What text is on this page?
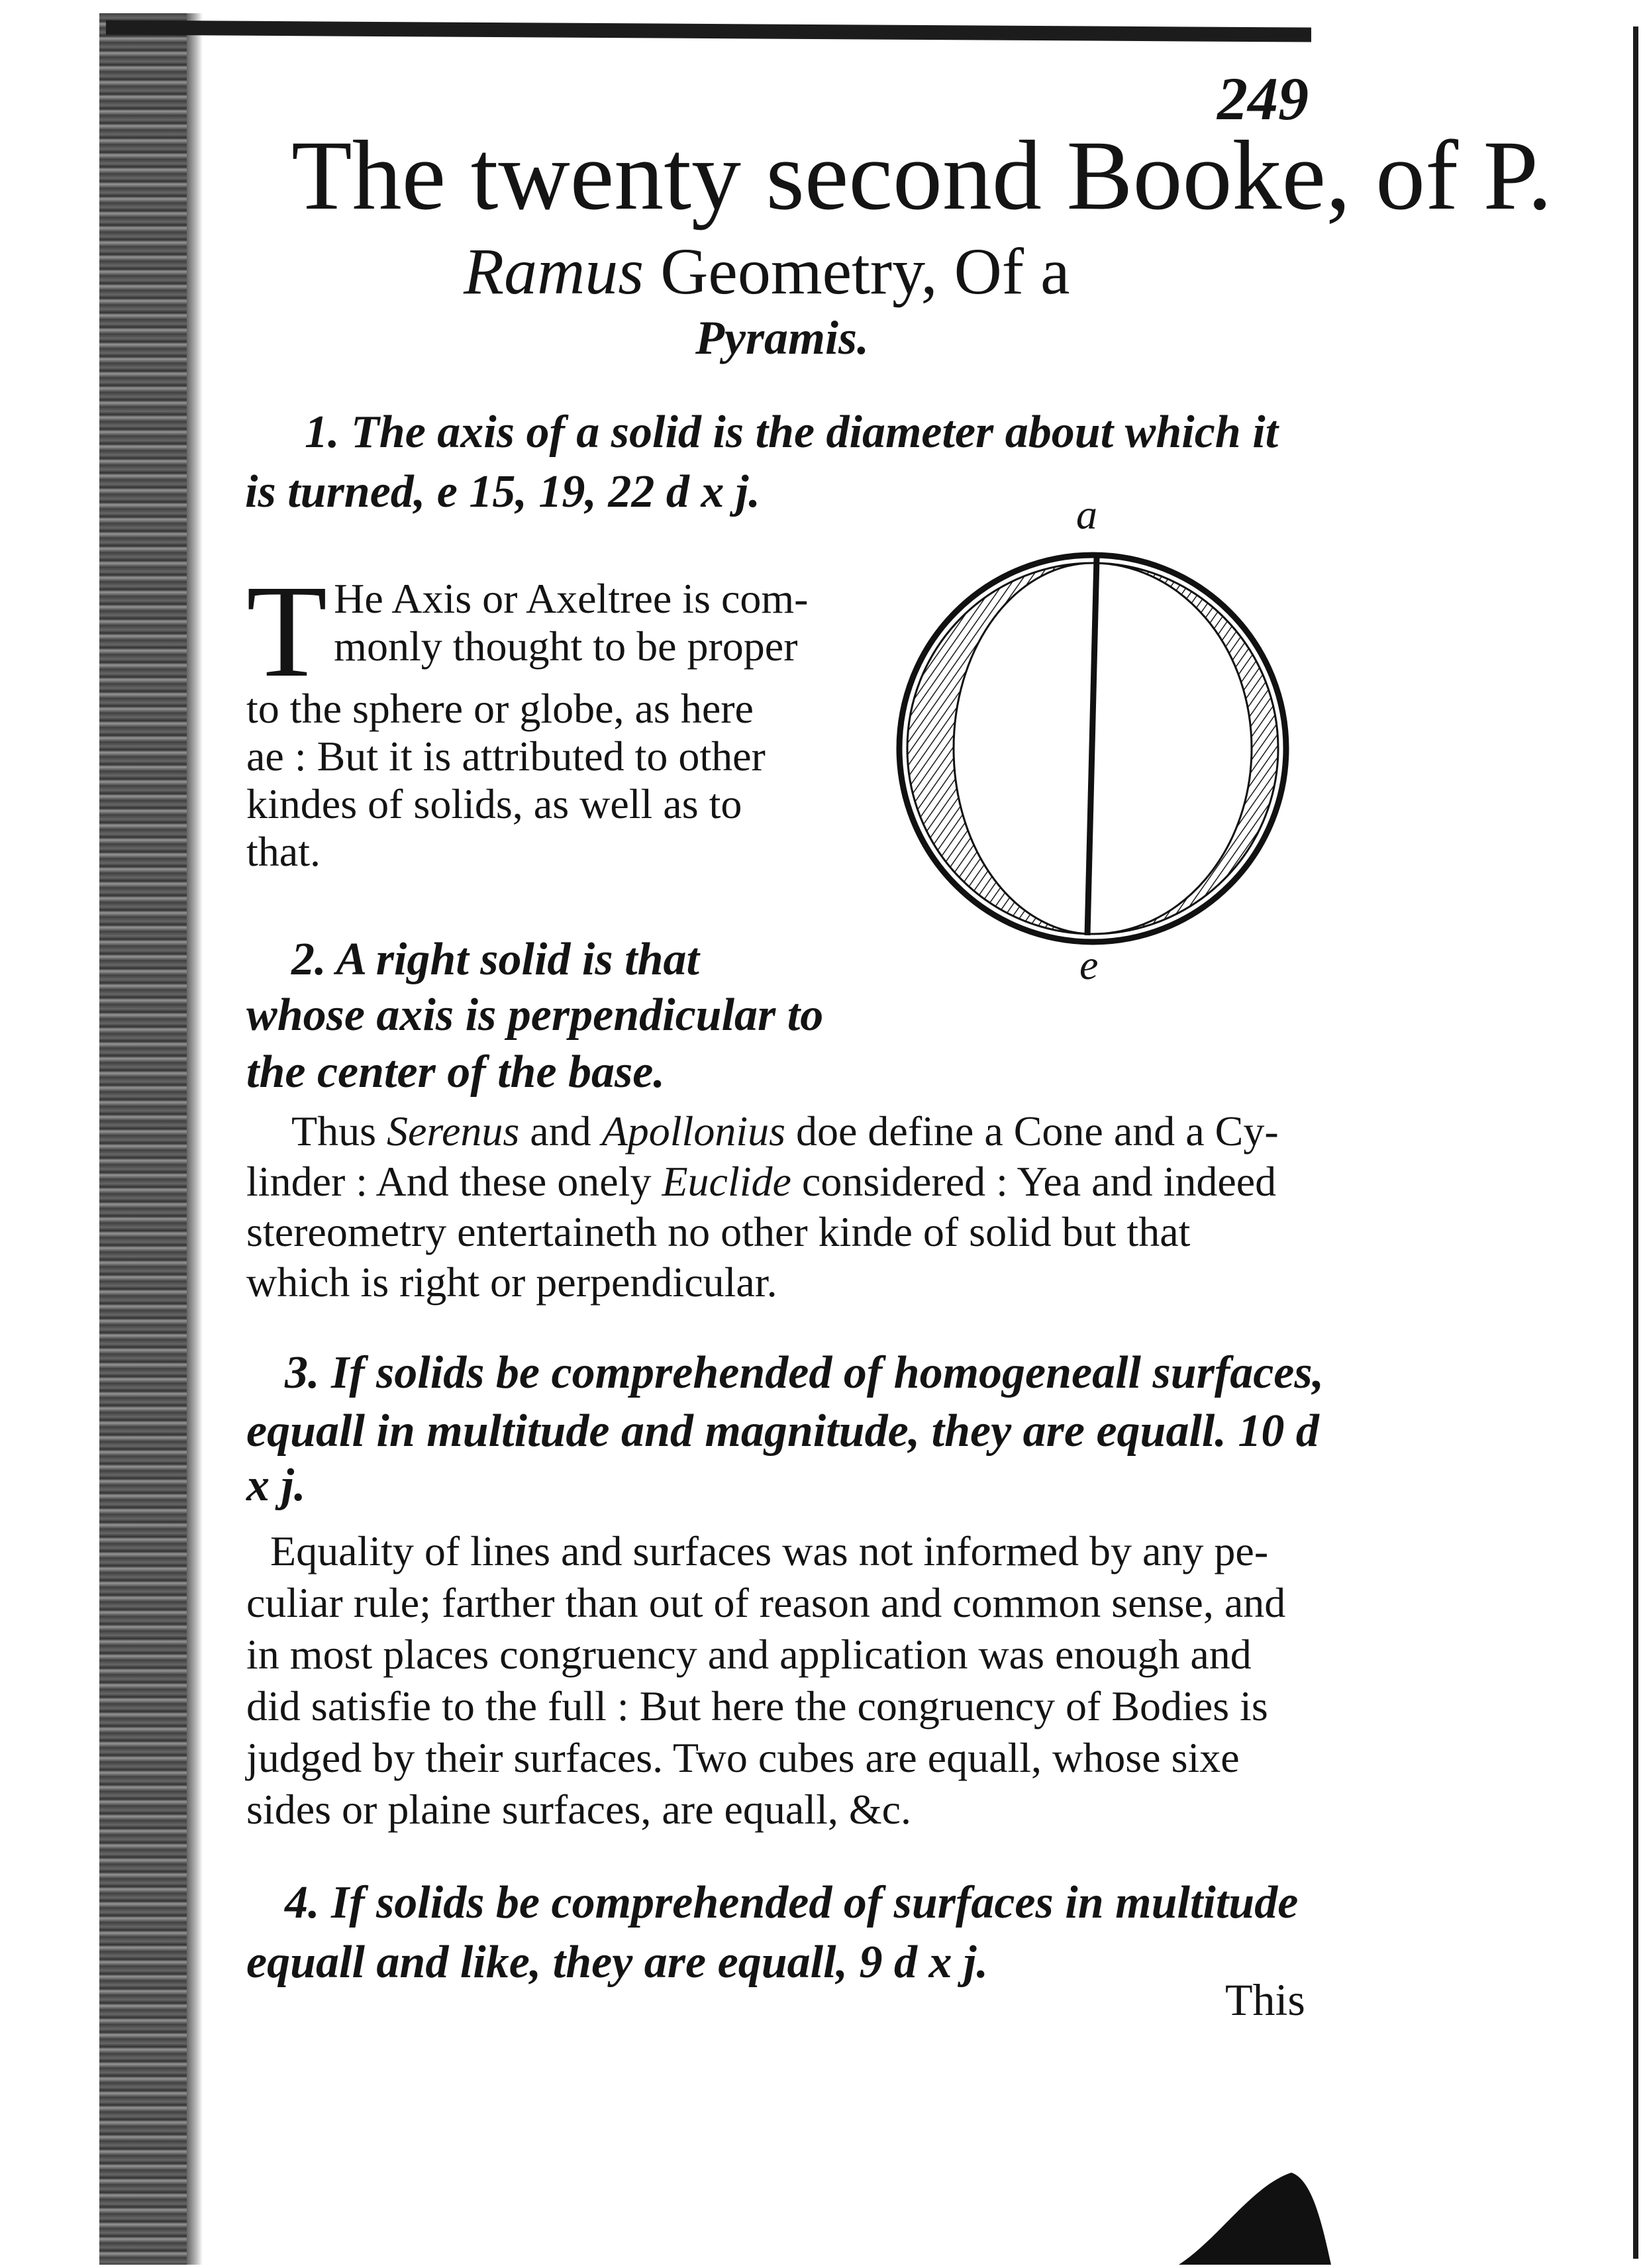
249
The twenty second Booke, of P.
Ramus Geometry, Of a
Pyramis.
1. The axis of a solid is the diameter about which it
is turned, e 15, 19, 22 d x j.
T He Axis or Axeltree is com-
monly thought to be proper
to the sphere or globe, as here
ae : But it is attributed to other
kindes of solids, as well as to
that.
a
e
2. A right solid is that
whose axis is perpendicular to
the center of the base.
Thus Serenus and Apollonius doe define a Cone and a Cy-
linder : And these onely Euclide considered : Yea and indeed
stereometry entertaineth no other kinde of solid but that
which is right or perpendicular.
3. If solids be comprehended of homogeneall surfaces,
equall in multitude and magnitude, they are equall. 10 d
x j.
Equality of lines and surfaces was not informed by any pe-
culiar rule; farther than out of reason and common sense, and
in most places congruency and application was enough and
did satisfie to the full : But here the congruency of Bodies is
judged by their surfaces. Two cubes are equall, whose sixe
sides or plaine surfaces, are equall, &c.
4. If solids be comprehended of surfaces in multitude
equall and like, they are equall, 9 d x j.
This
